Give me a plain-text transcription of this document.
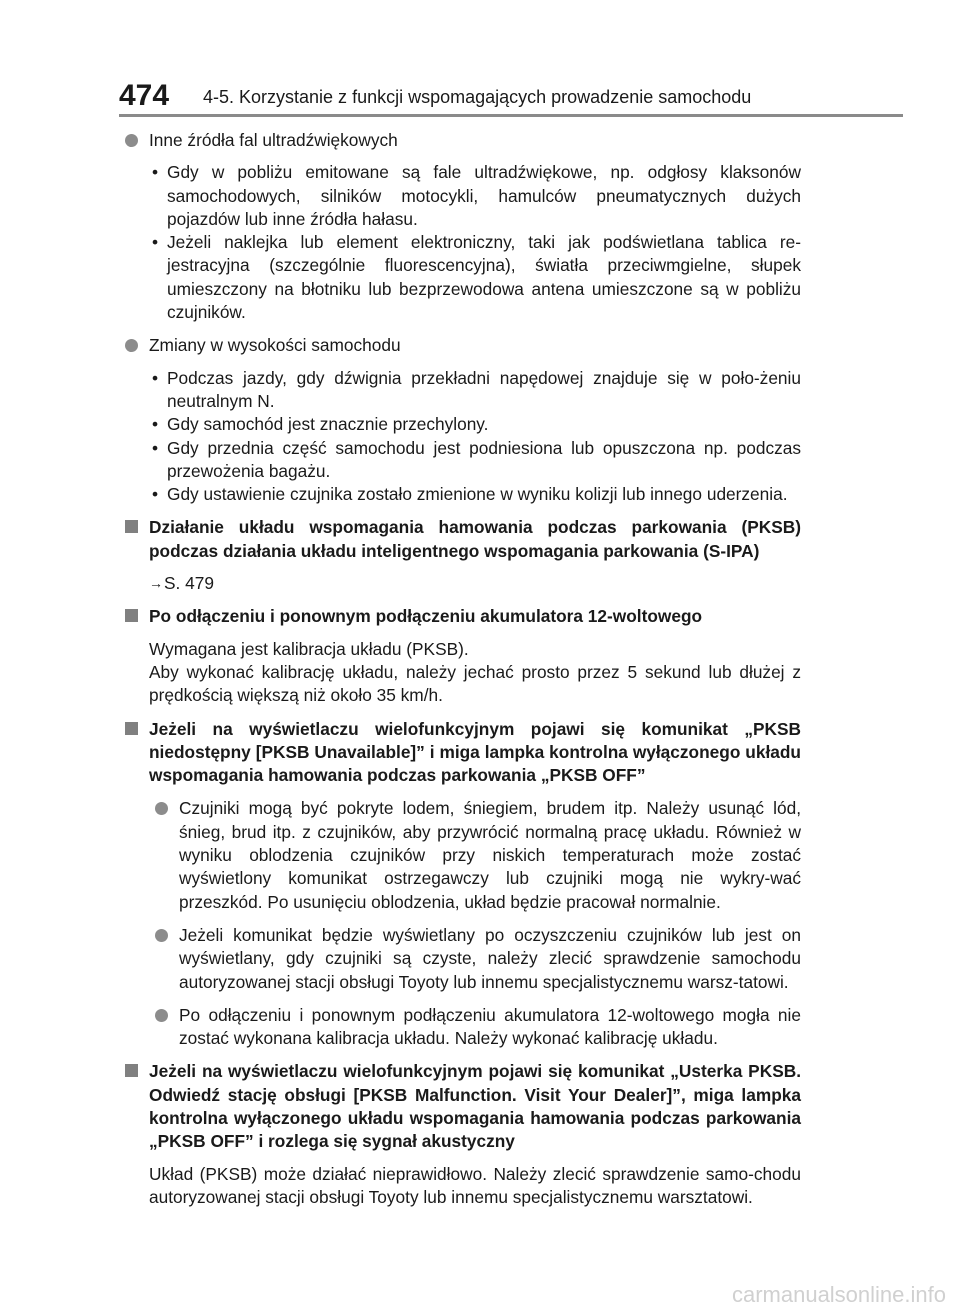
474 4-5. Korzystanie z funkcji wspomagających prowadzenie samochodu
Inne źródła fal ultradźwiękowych
• Gdy w pobliżu emitowane są fale ultradźwiękowe, np. odgłosy klaksonów samochodowych, silników motocykli, hamulców pneumatycznych dużych pojazdów lub inne źródła hałasu.
• Jeżeli naklejka lub element elektroniczny, taki jak podświetlana tablica re-jestracyjna (szczególnie fluorescencyjna), światła przeciwmgielne, słupek umieszczony na błotniku lub bezprzewodowa antena umieszczone są w pobliżu czujników.
Zmiany w wysokości samochodu
• Podczas jazdy, gdy dźwignia przekładni napędowej znajduje się w poło-żeniu neutralnym N.
• Gdy samochód jest znacznie przechylony.
• Gdy przednia część samochodu jest podniesiona lub opuszczona np. podczas przewożenia bagażu.
• Gdy ustawienie czujnika zostało zmienione w wyniku kolizji lub innego uderzenia.
Działanie układu wspomagania hamowania podczas parkowania (PKSB) podczas działania układu inteligentnego wspomagania parkowania (S-IPA)
→S. 479
Po odłączeniu i ponownym podłączeniu akumulatora 12-woltowego
Wymagana jest kalibracja układu (PKSB).
Aby wykonać kalibrację układu, należy jechać prosto przez 5 sekund lub dłużej z prędkością większą niż około 35 km/h.
Jeżeli na wyświetlaczu wielofunkcyjnym pojawi się komunikat „PKSB niedostępny [PKSB Unavailable]” i miga lampka kontrolna wyłączonego układu wspomagania hamowania podczas parkowania „PKSB OFF”
Czujniki mogą być pokryte lodem, śniegiem, brudem itp. Należy usunąć lód, śnieg, brud itp. z czujników, aby przywrócić normalną pracę układu. Również w wyniku oblodzenia czujników przy niskich temperaturach może zostać wyświetlony komunikat ostrzegawczy lub czujniki mogą nie wykry-wać przeszkód. Po usunięciu oblodzenia, układ będzie pracował normalnie.
Jeżeli komunikat będzie wyświetlany po oczyszczeniu czujników lub jest on wyświetlany, gdy czujniki są czyste, należy zlecić sprawdzenie samochodu autoryzowanej stacji obsługi Toyoty lub innemu specjalistycznemu warsz-tatowi.
Po odłączeniu i ponownym podłączeniu akumulatora 12-woltowego mogła nie zostać wykonana kalibracja układu. Należy wykonać kalibrację układu.
Jeżeli na wyświetlaczu wielofunkcyjnym pojawi się komunikat „Usterka PKSB. Odwiedź stację obsługi [PKSB Malfunction. Visit Your Dealer]”, miga lampka kontrolna wyłączonego układu wspomagania hamowania podczas parkowania „PKSB OFF” i rozlega się sygnał akustyczny
Układ (PKSB) może działać nieprawidłowo. Należy zlecić sprawdzenie samo-chodu autoryzowanej stacji obsługi Toyoty lub innemu specjalistycznemu warsztatowi.
carmanualsonline.info
